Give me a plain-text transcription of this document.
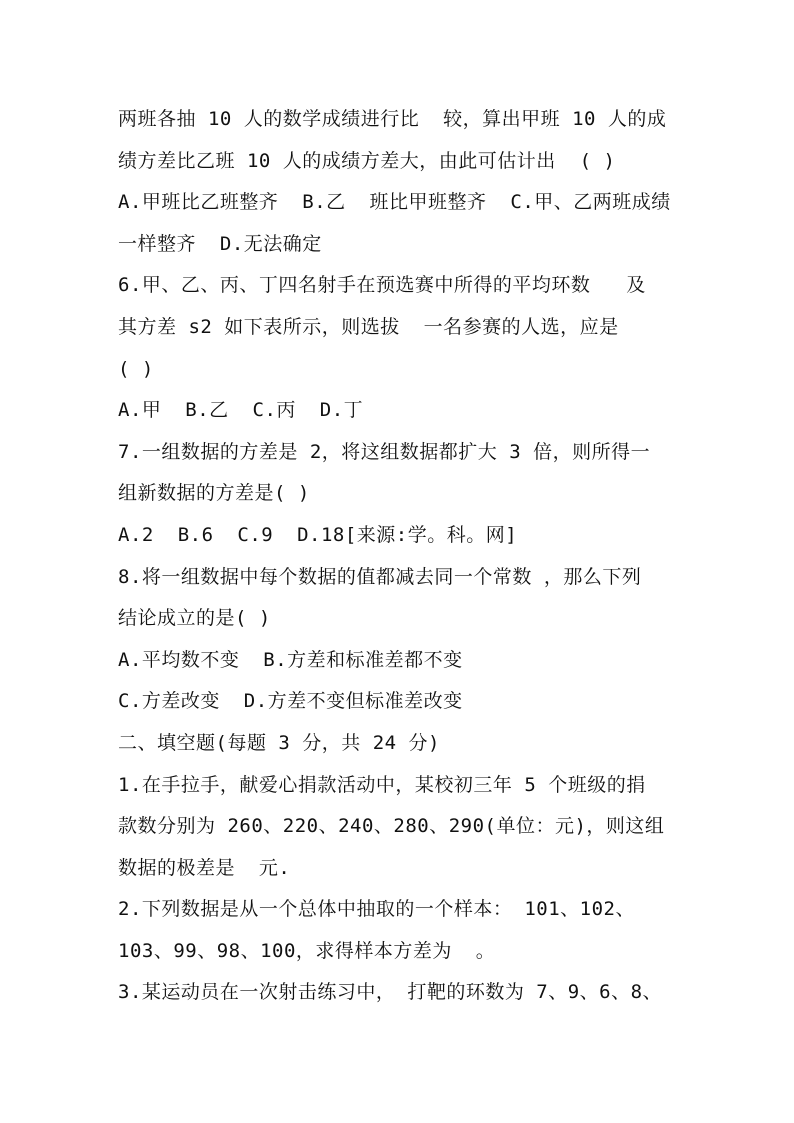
两班各抽 10 人的数学成绩进行比  较，算出甲班 10 人的成
绩方差比乙班 10 人的成绩方差大，由此可估计出  ( )
A.甲班比乙班整齐  B.乙  班比甲班整齐  C.甲、乙两班成绩
一样整齐  D.无法确定
6.甲、乙、丙、丁四名射手在预选赛中所得的平均环数   及
其方差 s2 如下表所示，则选拔  一名参赛的人选，应是
( )
A.甲  B.乙  C.丙  D.丁
7.一组数据的方差是 2，将这组数据都扩大 3 倍，则所得一
组新数据的方差是( )
A.2  B.6  C.9  D.18[来源:学。科。网]
8.将一组数据中每个数据的值都减去同一个常数 ，那么下列
结论成立的是( )
A.平均数不变  B.方差和标准差都不变
C.方差改变  D.方差不变但标准差改变
二、填空题(每题 3 分，共 24 分)
1.在手拉手，献爱心捐款活动中，某校初三年 5 个班级的捐
款数分别为 260、220、240、280、290(单位：元)，则这组
数据的极差是  元.
2.下列数据是从一个总体中抽取的一个样本： 101、102、
103、99、98、100，求得样本方差为  。
3.某运动员在一次射击练习中， 打靶的环数为 7、9、6、8、
